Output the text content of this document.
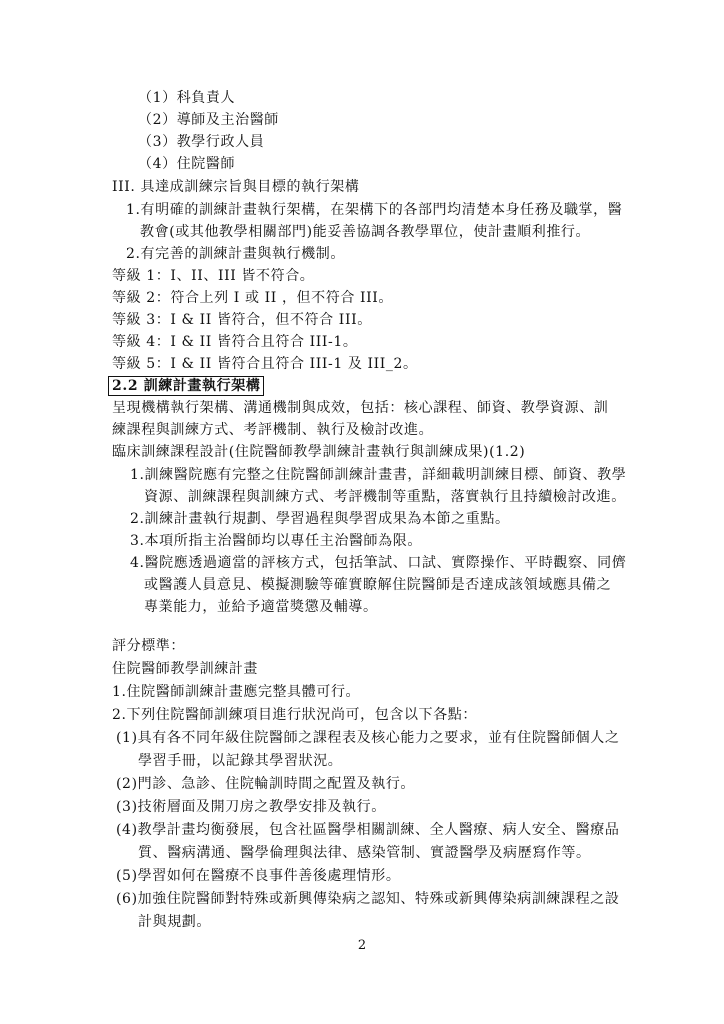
（1）科負責人
（2）導師及主治醫師
（3）教學行政人員
（4）住院醫師
III. 具達成訓練宗旨與目標的執行架構
1.有明確的訓練計畫執行架構，在架構下的各部門均清楚本身任務及職掌，醫
教會(或其他教學相關部門)能妥善協調各教學單位，使計畫順利推行。
2.有完善的訓練計畫與執行機制。
等級 1：I、II、III 皆不符合。
等級 2：符合上列 I 或 II ，但不符合 III。
等級 3：I & II 皆符合，但不符合 III。
等級 4：I & II 皆符合且符合 III-1。
等級 5：I & II 皆符合且符合 III-1 及 III_2。
2.2 訓練計畫執行架構
呈現機構執行架構、溝通機制與成效，包括：核心課程、師資、教學資源、訓
練課程與訓練方式、考評機制、執行及檢討改進。
臨床訓練課程設計(住院醫師教學訓練計畫執行與訓練成果)(1.2)
1.訓練醫院應有完整之住院醫師訓練計畫書，詳細載明訓練目標、師資、教學
資源、訓練課程與訓練方式、考評機制等重點，落實執行且持續檢討改進。
2.訓練計畫執行規劃、學習過程與學習成果為本節之重點。
3.本項所指主治醫師均以專任主治醫師為限。
4.醫院應透過適當的評核方式，包括筆試、口試、實際操作、平時觀察、同儕
或醫護人員意見、模擬測驗等確實瞭解住院醫師是否達成該領域應具備之
專業能力，並給予適當獎懲及輔導。
評分標準：
住院醫師教學訓練計畫
1.住院醫師訓練計畫應完整具體可行。
2.下列住院醫師訓練項目進行狀況尚可，包含以下各點：
(1)具有各不同年級住院醫師之課程表及核心能力之要求，並有住院醫師個人之
學習手冊，以記錄其學習狀況。
(2)門診、急診、住院輪訓時間之配置及執行。
(3)技術層面及開刀房之教學安排及執行。
(4)教學計畫均衡發展，包含社區醫學相關訓練、全人醫療、病人安全、醫療品
質、醫病溝通、醫學倫理與法律、感染管制、實證醫學及病歷寫作等。
(5)學習如何在醫療不良事件善後處理情形。
(6)加強住院醫師對特殊或新興傳染病之認知、特殊或新興傳染病訓練課程之設
計與規劃。
2
